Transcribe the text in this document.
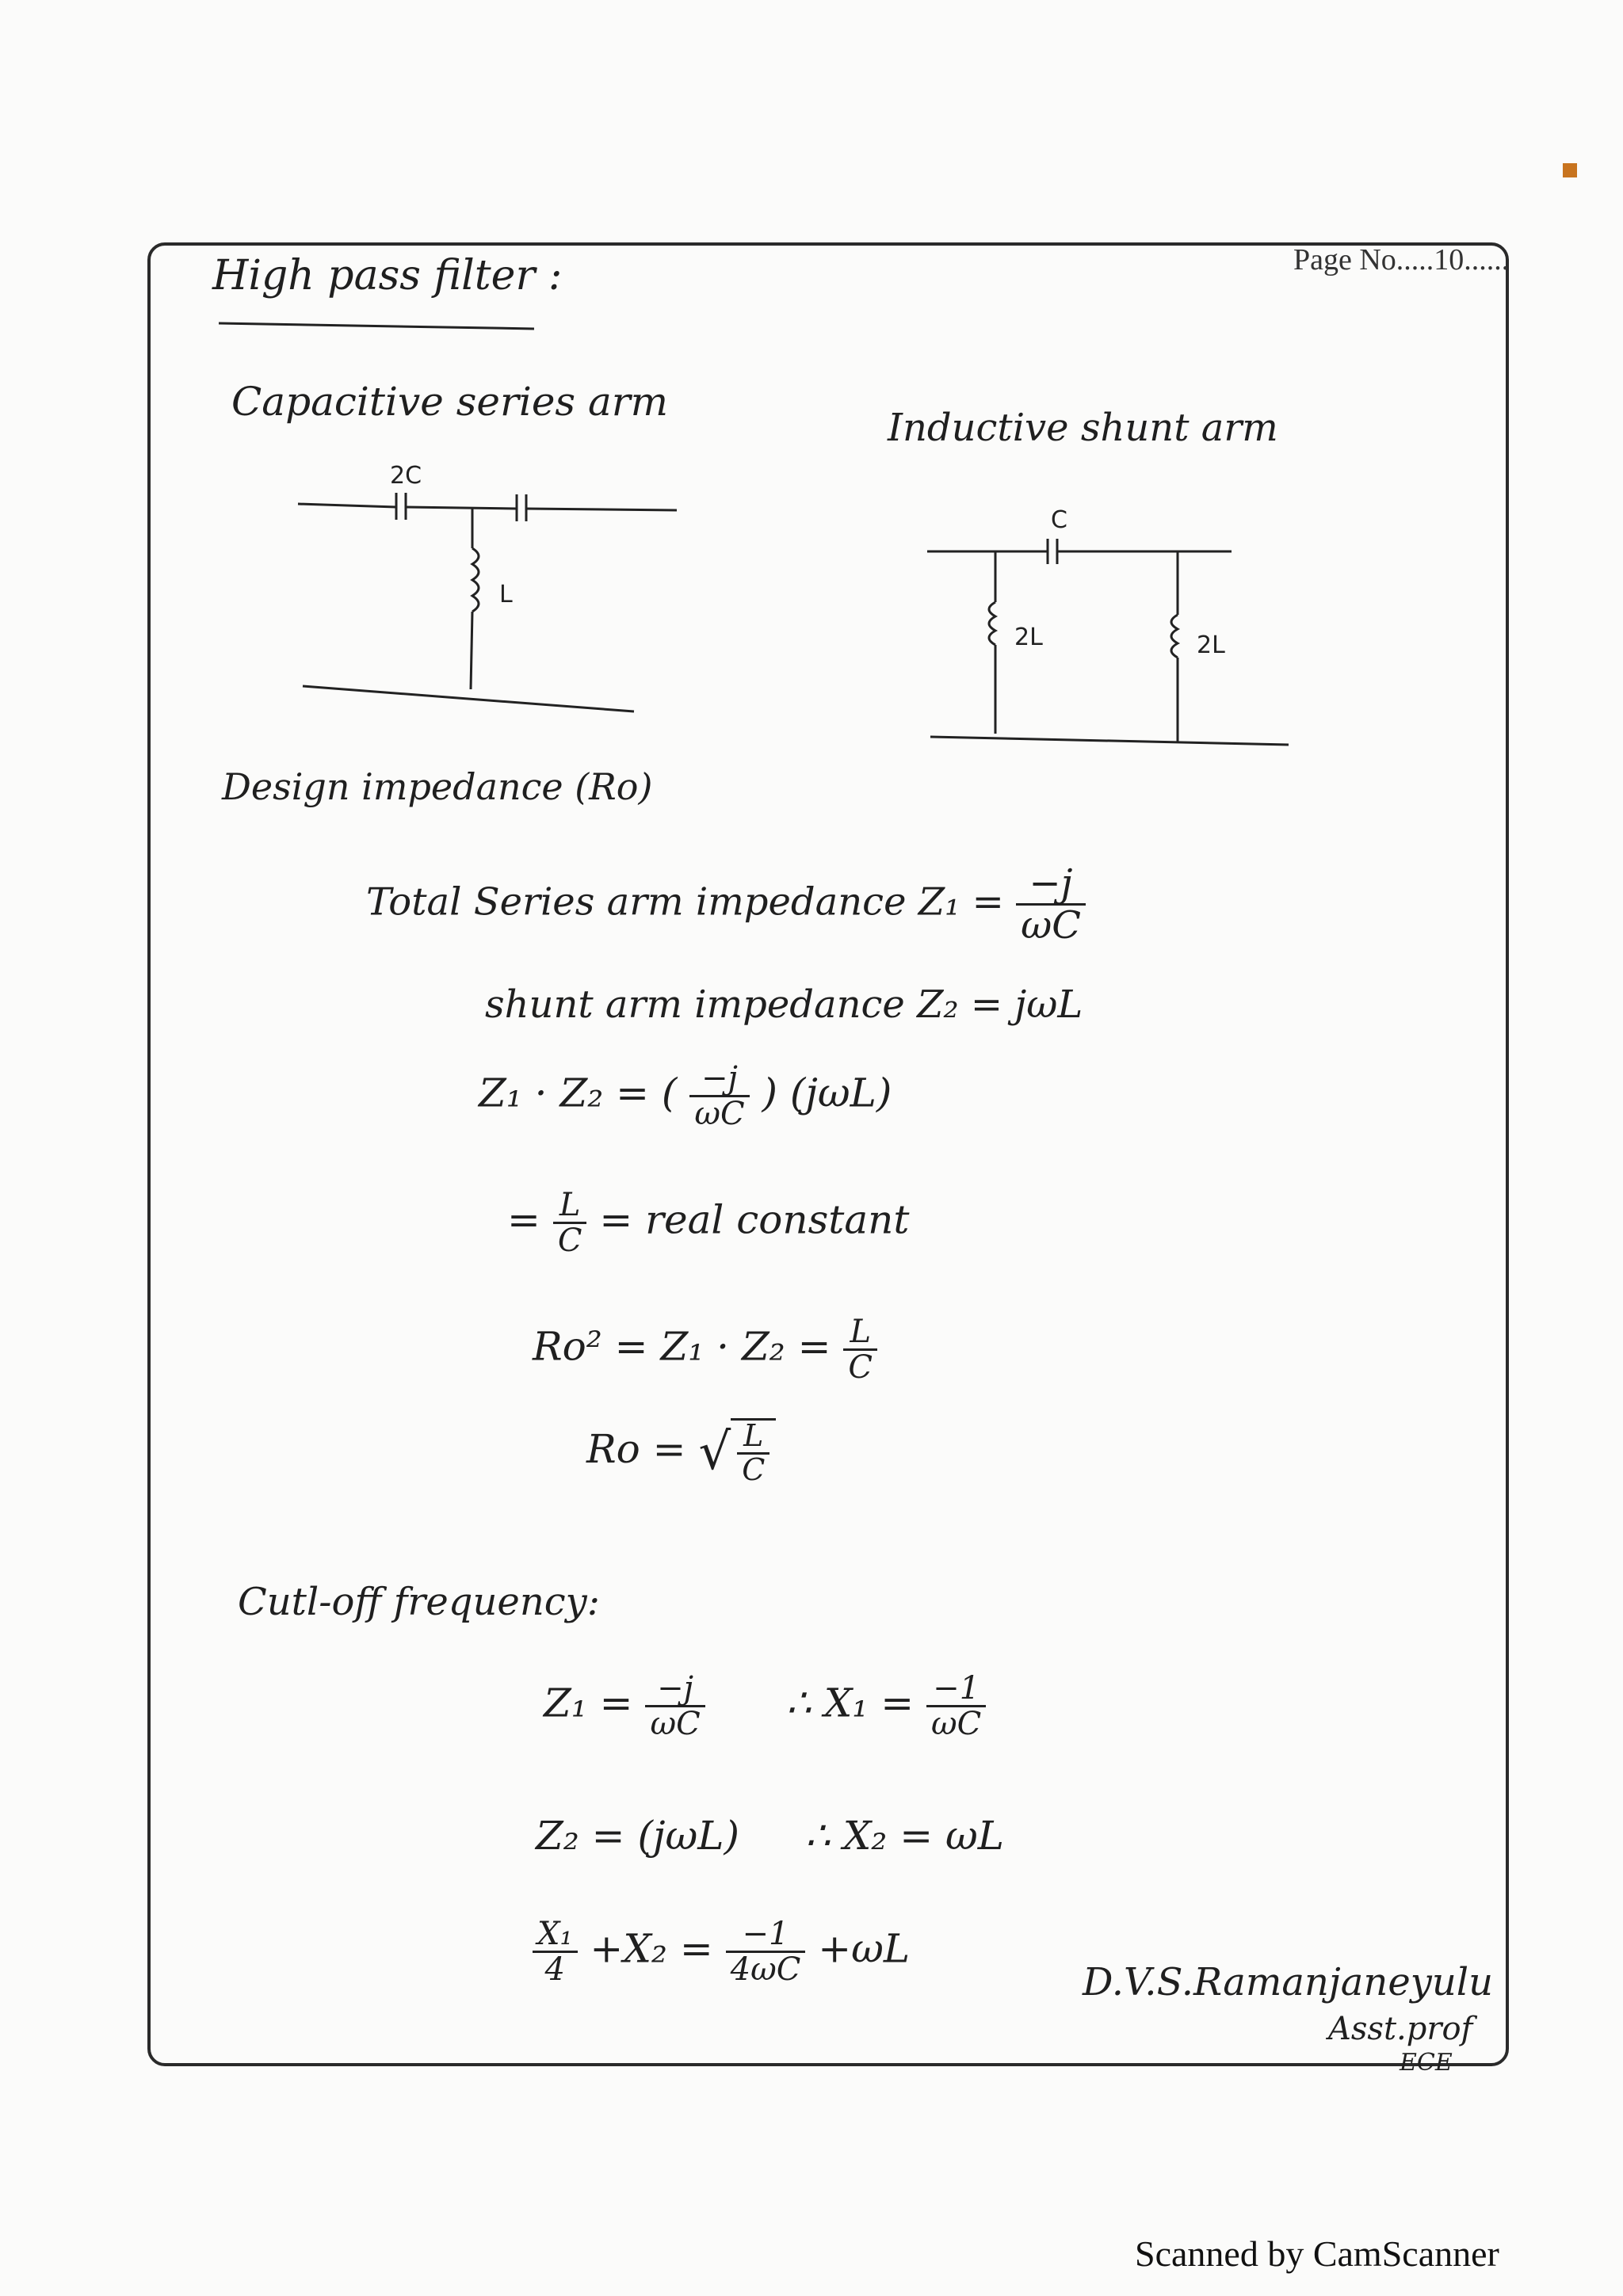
Page No.....10......
High pass filter :
Capacitive series arm
2C
L
Inductive shunt arm
C
2L	2L
Design impedance (Ro)
Total Series arm impedance $Z_1 = \frac{-j}{\omega C}$
shunt arm impedance Z₂ = jωL
Z₁ · Z₂ = ( $\frac{-j}{\omega C}$ ) (jωL)
= $\frac{L}{C}$ = real constant
$Ro^2 = Z_1 \cdot Z_2 = \frac{L}{C}$
Ro = √ $\frac{L}{C}$
Cutl-off frequency:
$Z_1 = \frac{-j}{\omega C}$ ∴ $X_1 = \frac{-1}{\omega C}$
Z₂ = (jωL) ∴ X₂ = ωL
$\frac{\text{X₁}}{4} +X_2 = \frac{-1}{4\omega C} +\omega L$
D.V.S.Ramanjaneyulu
Asst.prof
ECE
Scanned by CamScanner
